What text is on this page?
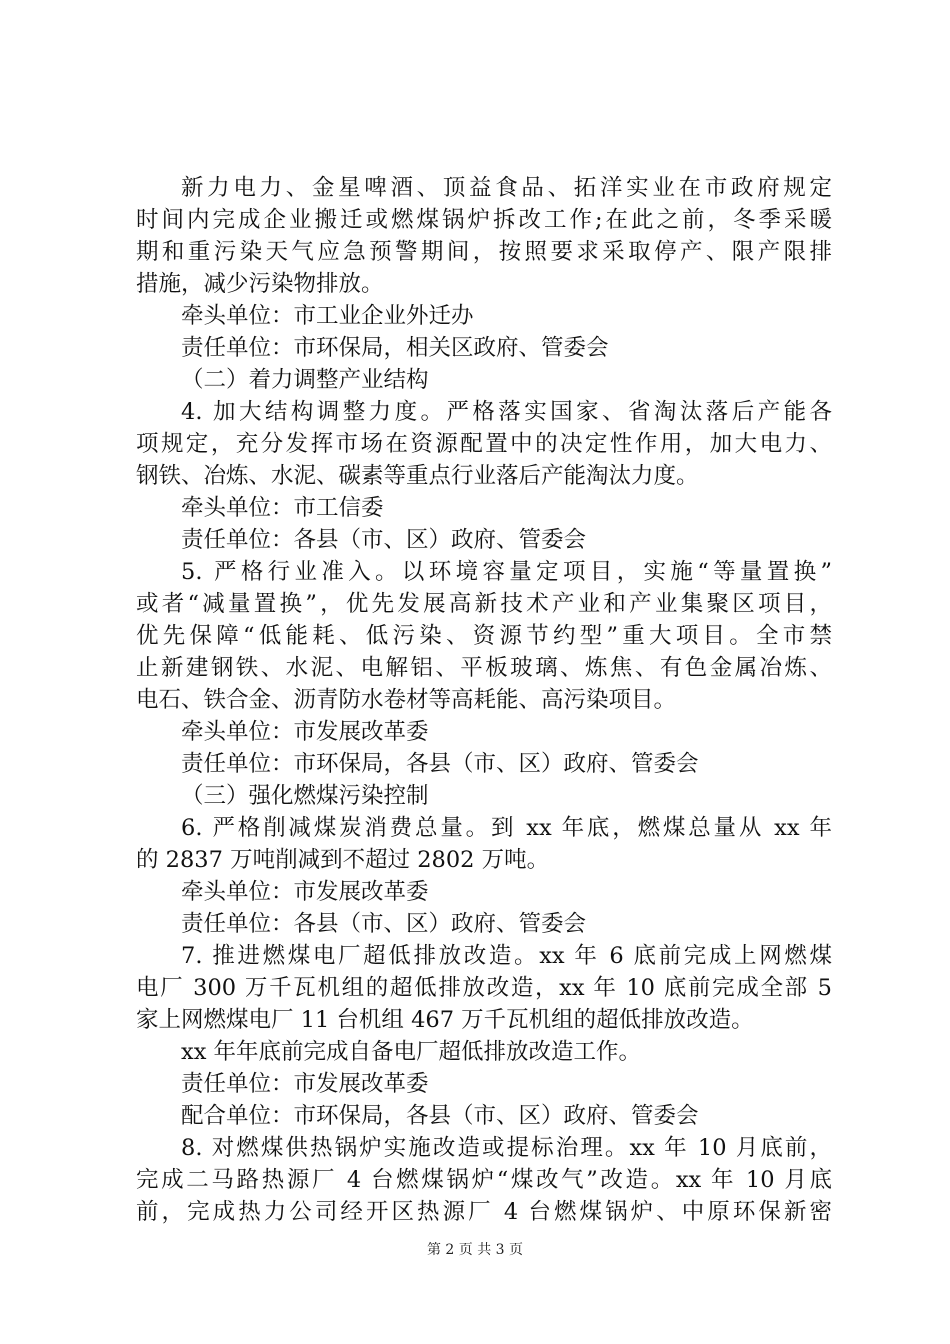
新力电力、金星啤酒、顶益食品、拓洋实业在市政府规定
时间内完成企业搬迁或燃煤锅炉拆改工作;在此之前，冬季采暖
期和重污染天气应急预警期间，按照要求采取停产、限产限排
措施，减少污染物排放。
牵头单位：市工业企业外迁办
责任单位：市环保局，相关区政府、管委会
（二）着力调整产业结构
4. 加大结构调整力度。严格落实国家、省淘汰落后产能各
项规定，充分发挥市场在资源配置中的决定性作用，加大电力、
钢铁、冶炼、水泥、碳素等重点行业落后产能淘汰力度。
牵头单位：市工信委
责任单位：各县（市、区）政府、管委会
5. 严格行业准入。以环境容量定项目，实施“等量置换”
或者“减量置换”，优先发展高新技术产业和产业集聚区项目，
优先保障“低能耗、低污染、资源节约型”重大项目。全市禁
止新建钢铁、水泥、电解铝、平板玻璃、炼焦、有色金属冶炼、
电石、铁合金、沥青防水卷材等高耗能、高污染项目。
牵头单位：市发展改革委
责任单位：市环保局，各县（市、区）政府、管委会
（三）强化燃煤污染控制
6. 严格削减煤炭消费总量。到 xx 年底，燃煤总量从 xx 年
的 2837 万吨削减到不超过 2802 万吨。
牵头单位：市发展改革委
责任单位：各县（市、区）政府、管委会
7. 推进燃煤电厂超低排放改造。xx 年 6 底前完成上网燃煤
电厂 300 万千瓦机组的超低排放改造，xx 年 10 底前完成全部 5
家上网燃煤电厂 11 台机组 467 万千瓦机组的超低排放改造。
xx 年年底前完成自备电厂超低排放改造工作。
责任单位：市发展改革委
配合单位：市环保局，各县（市、区）政府、管委会
8. 对燃煤供热锅炉实施改造或提标治理。xx 年 10 月底前，
完成二马路热源厂 4 台燃煤锅炉“煤改气”改造。xx 年 10 月底
前，完成热力公司经开区热源厂 4 台燃煤锅炉、中原环保新密
第 2 页 共 3 页
